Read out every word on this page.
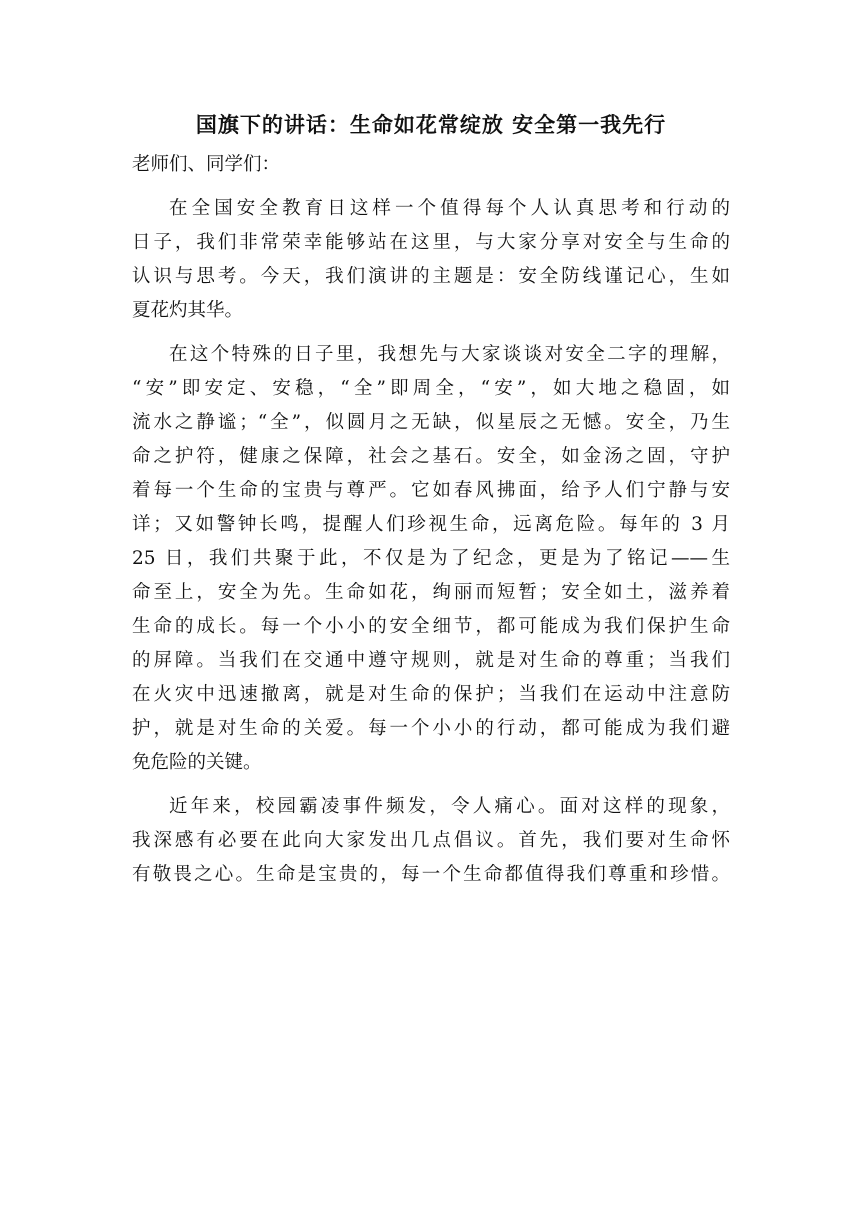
国旗下的讲话：生命如花常绽放 安全第一我先行

老师们、同学们：

在全国安全教育日这样一个值得每个人认真思考和行动的
日子，我们非常荣幸能够站在这里，与大家分享对安全与生命的
认识与思考。今天，我们演讲的主题是：安全防线谨记心，生如
夏花灼其华。

在这个特殊的日子里，我想先与大家谈谈对安全二字的理解，
“安”即安定、安稳，“全”即周全，“安”，如大地之稳固，如
流水之静谧；“全”，似圆月之无缺，似星辰之无憾。安全，乃生
命之护符，健康之保障，社会之基石。安全，如金汤之固，守护
着每一个生命的宝贵与尊严。它如春风拂面，给予人们宁静与安
详；又如警钟长鸣，提醒人们珍视生命，远离危险。每年的 3 月
25 日，我们共聚于此，不仅是为了纪念，更是为了铭记——生
命至上，安全为先。生命如花，绚丽而短暂；安全如土，滋养着
生命的成长。每一个小小的安全细节，都可能成为我们保护生命
的屏障。当我们在交通中遵守规则，就是对生命的尊重；当我们
在火灾中迅速撤离，就是对生命的保护；当我们在运动中注意防
护，就是对生命的关爱。每一个小小的行动，都可能成为我们避
免危险的关键。

近年来，校园霸凌事件频发，令人痛心。面对这样的现象，
我深感有必要在此向大家发出几点倡议。首先，我们要对生命怀
有敬畏之心。生命是宝贵的，每一个生命都值得我们尊重和珍惜。
